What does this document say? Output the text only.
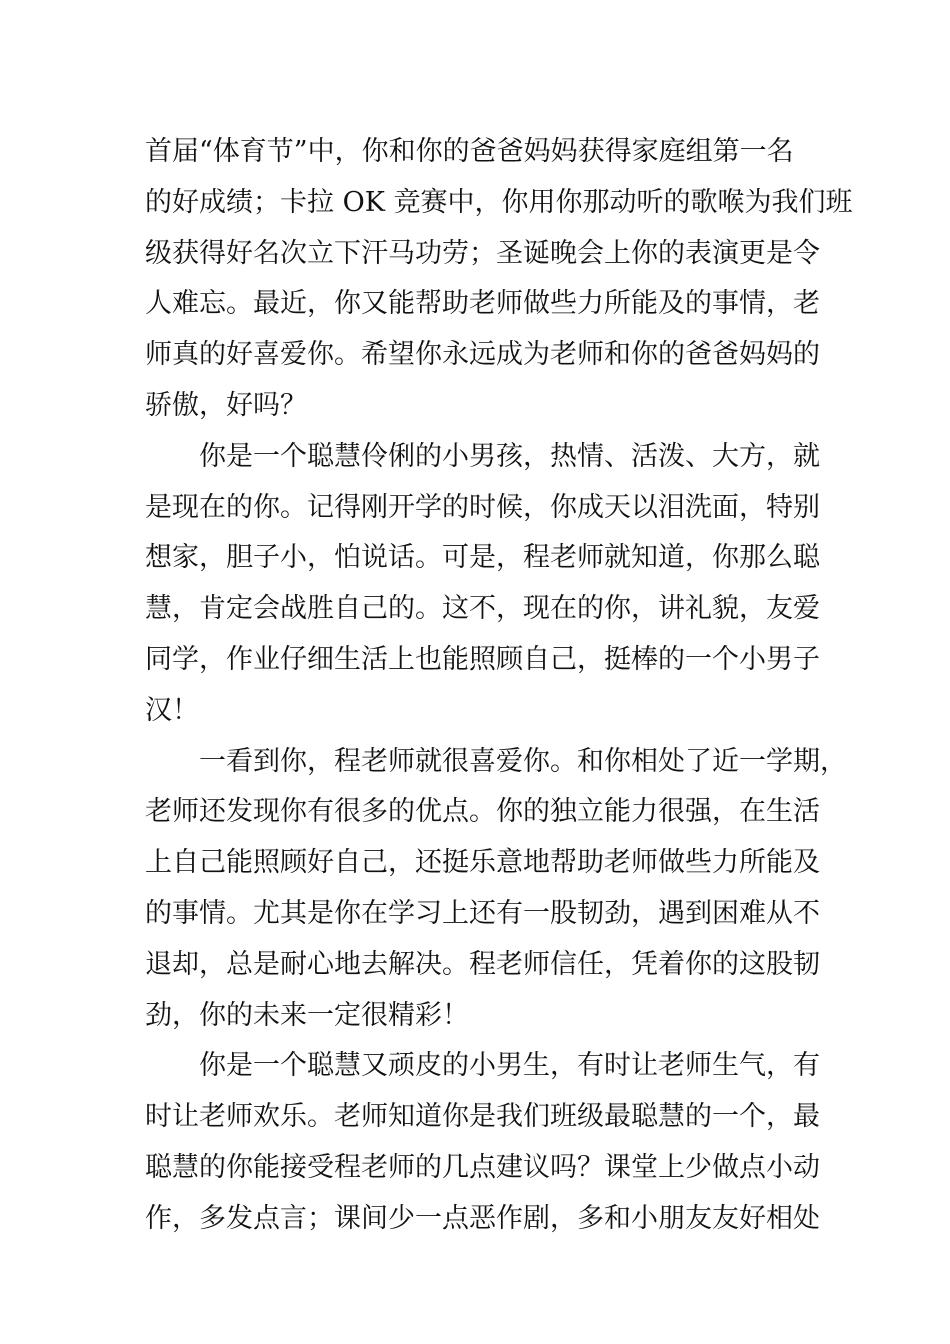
首届“体育节”中，你和你的爸爸妈妈获得家庭组第一名
的好成绩；卡拉 OK 竞赛中，你用你那动听的歌喉为我们班
级获得好名次立下汗马功劳；圣诞晚会上你的表演更是令
人难忘。最近，你又能帮助老师做些力所能及的事情，老
师真的好喜爱你。希望你永远成为老师和你的爸爸妈妈的
骄傲，好吗？
你是一个聪慧伶俐的小男孩，热情、活泼、大方，就
是现在的你。记得刚开学的时候，你成天以泪洗面，特别
想家，胆子小，怕说话。可是，程老师就知道，你那么聪
慧，肯定会战胜自己的。这不，现在的你，讲礼貌，友爱
同学，作业仔细生活上也能照顾自己，挺棒的一个小男子
汉！
一看到你，程老师就很喜爱你。和你相处了近一学期，
老师还发现你有很多的优点。你的独立能力很强，在生活
上自己能照顾好自己，还挺乐意地帮助老师做些力所能及
的事情。尤其是你在学习上还有一股韧劲，遇到困难从不
退却，总是耐心地去解决。程老师信任，凭着你的这股韧
劲，你的未来一定很精彩！
你是一个聪慧又顽皮的小男生，有时让老师生气，有
时让老师欢乐。老师知道你是我们班级最聪慧的一个，最
聪慧的你能接受程老师的几点建议吗？课堂上少做点小动
作，多发点言；课间少一点恶作剧，多和小朋友友好相处
